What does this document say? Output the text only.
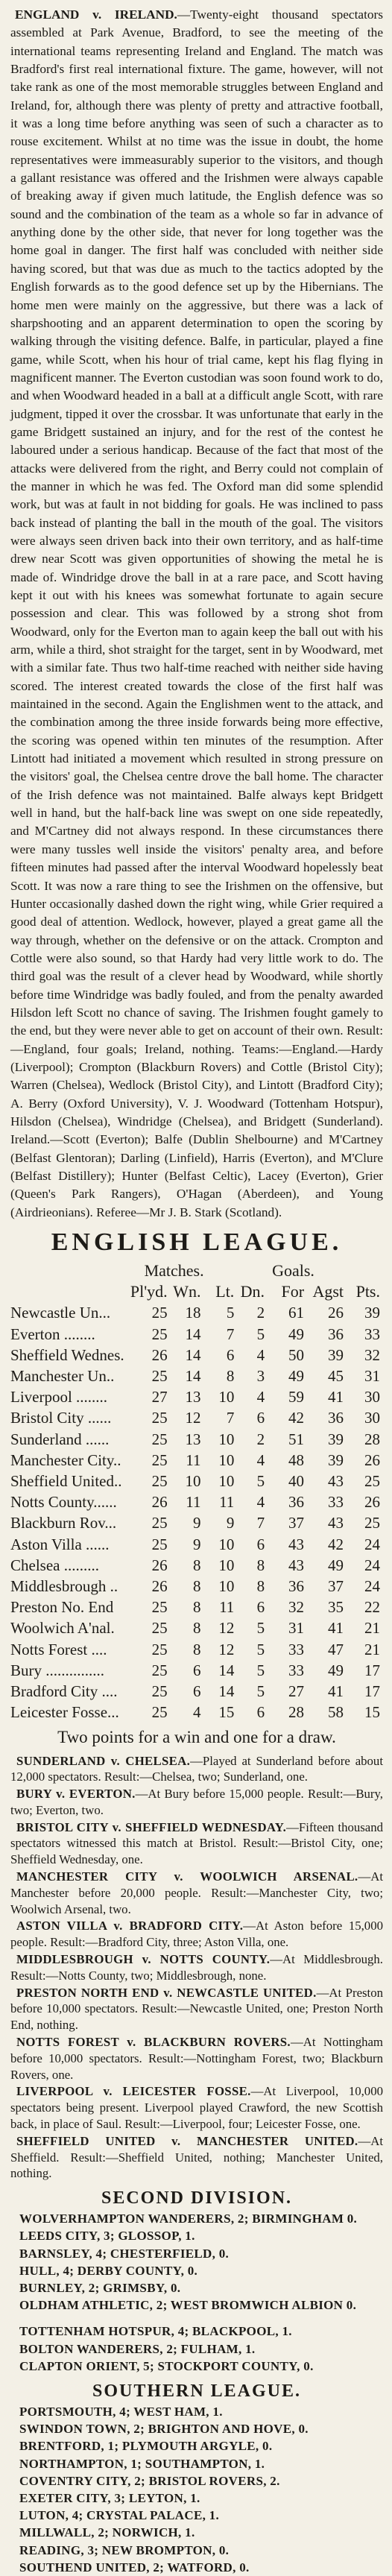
ENGLAND v. IRELAND.—Twenty-eight thousand spectators assembled at Park Avenue, Bradford, to see the meeting of the international teams representing Ireland and England. The match was Bradford's first real international fixture. The game, however, will not take rank as one of the most memorable struggles between England and Ireland, for, although there was plenty of pretty and attractive football, it was a long time before anything was seen of such a character as to rouse excitement. Whilst at no time was the issue in doubt, the home representatives were immeasurably superior to the visitors, and though a gallant resistance was offered and the Irishmen were always capable of breaking away if given much latitude, the English defence was so sound and the combination of the team as a whole so far in advance of anything done by the other side, that never for long together was the home goal in danger. The first half was concluded with neither side having scored, but that was due as much to the tactics adopted by the English forwards as to the good defence set up by the Hibernians. The home men were mainly on the aggressive, but there was a lack of sharpshooting and an apparent determination to open the scoring by walking through the visiting defence. Balfe, in particular, played a fine game, while Scott, when his hour of trial came, kept his flag flying in magnificent manner. The Everton custodian was soon found work to do, and when Woodward headed in a ball at a difficult angle Scott, with rare judgment, tipped it over the crossbar. It was unfortunate that early in the game Bridgett sustained an injury, and for the rest of the contest he laboured under a serious handicap. Because of the fact that most of the attacks were delivered from the right, and Berry could not complain of the manner in which he was fed. The Oxford man did some splendid work, but was at fault in not bidding for goals. He was inclined to pass back instead of planting the ball in the mouth of the goal. The visitors were always seen driven back into their own territory, and as half-time drew near Scott was given opportunities of showing the metal he is made of. Windridge drove the ball in at a rare pace, and Scott having kept it out with his knees was somewhat fortunate to again secure possession and clear. This was followed by a strong shot from Woodward, only for the Everton man to again keep the ball out with his arm, while a third, shot straight for the target, sent in by Woodward, met with a similar fate. Thus two half-time reached with neither side having scored. The interest created towards the close of the first half was maintained in the second. Again the Englishmen went to the attack, and the combination among the three inside forwards being more effective, the scoring was opened within ten minutes of the resumption. After Lintott had initiated a movement which resulted in strong pressure on the visitors' goal, the Chelsea centre drove the ball home. The character of the Irish defence was not maintained. Balfe always kept Bridgett well in hand, but the half-back line was swept on one side repeatedly, and M'Cartney did not always respond. In these circumstances there were many tussles well inside the visitors' penalty area, and before fifteen minutes had passed after the interval Woodward hopelessly beat Scott. It was now a rare thing to see the Irishmen on the offensive, but Hunter occasionally dashed down the right wing, while Grier required a good deal of attention. Wedlock, however, played a great game all the way through, whether on the defensive or on the attack. Crompton and Cottle were also sound, so that Hardy had very little work to do. The third goal was the result of a clever head by Woodward, while shortly before time Windridge was badly fouled, and from the penalty awarded Hilsdon left Scott no chance of saving. The Irishmen fought gamely to the end, but they were never able to get on account of their own. Result:—England, four goals; Ireland, nothing. Teams:—England.—Hardy (Liverpool); Crompton (Blackburn Rovers) and Cottle (Bristol City); Warren (Chelsea), Wedlock (Bristol City), and Lintott (Bradford City); A. Berry (Oxford University), V. J. Woodward (Tottenham Hotspur), Hilsdon (Chelsea), Windridge (Chelsea), and Bridgett (Sunderland). Ireland.—Scott (Everton); Balfe (Dublin Shelbourne) and M'Cartney (Belfast Glentoran); Darling (Linfield), Harris (Everton), and M'Clure (Belfast Distillery); Hunter (Belfast Celtic), Lacey (Everton), Grier (Queen's Park Rangers), O'Hagan (Aberdeen), and Young (Airdrieonians). Referee—Mr J. B. Stark (Scotland).

ENGLISH LEAGUE.
	Matches.				Goals.		
	Pl'yd.	Wn.	Lt.	Dn.	For	Agst	Pts.
Newcastle Un...	25	18	5	2	61	26	39
Everton ........	25	14	7	5	49	36	33
Sheffield Wednes.	26	14	6	4	50	39	32
Manchester Un..	25	14	8	3	49	45	31
Liverpool ........	27	13	10	4	59	41	30
Bristol City ......	25	12	7	6	42	36	30
Sunderland ......	25	13	10	2	51	39	28
Manchester City..	25	11	10	4	48	39	26
Sheffield United..	25	10	10	5	40	43	25
Notts County......	26	11	11	4	36	33	26
Blackburn Rov...	25	9	9	7	37	43	25
Aston Villa ......	25	9	10	6	43	42	24
Chelsea .........	26	8	10	8	43	49	24
Middlesbrough ..	26	8	10	8	36	37	24
Preston No. End	25	8	11	6	32	35	22
Woolwich A'nal.	25	8	12	5	31	41	21
Notts Forest ....	25	8	12	5	33	47	21
Bury ...............	25	6	14	5	33	49	17
Bradford City ....	25	6	14	5	27	41	17
Leicester Fosse...	25	4	15	6	28	58	15
Two points for a win and one for a draw.

SUNDERLAND v. CHELSEA.—Played at Sunderland before about 12,000 spectators. Result:—Chelsea, two; Sunderland, one.

BURY v. EVERTON.—At Bury before 15,000 people. Result:—Bury, two; Everton, two.

BRISTOL CITY v. SHEFFIELD WEDNESDAY.—Fifteen thousand spectators witnessed this match at Bristol. Result:—Bristol City, one; Sheffield Wednesday, one.

MANCHESTER CITY v. WOOLWICH ARSENAL.—At Manchester before 20,000 people. Result:—Manchester City, two; Woolwich Arsenal, two.

ASTON VILLA v. BRADFORD CITY.—At Aston before 15,000 people. Result:—Bradford City, three; Aston Villa, one.

MIDDLESBROUGH v. NOTTS COUNTY.—At Middlesbrough. Result:—Notts County, two; Middlesbrough, none.

PRESTON NORTH END v. NEWCASTLE UNITED.—At Preston before 10,000 spectators. Result:—Newcastle United, one; Preston North End, nothing.

NOTTS FOREST v. BLACKBURN ROVERS.—At Nottingham before 10,000 spectators. Result:—Nottingham Forest, two; Blackburn Rovers, one.

LIVERPOOL v. LEICESTER FOSSE.—At Liverpool, 10,000 spectators being present. Liverpool played Crawford, the new Scottish back, in place of Saul. Result:—Liverpool, four; Leicester Fosse, one.

SHEFFIELD UNITED v. MANCHESTER UNITED.—At Sheffield. Result:—Sheffield United, nothing; Manchester United, nothing.

SECOND DIVISION.
WOLVERHAMPTON WANDERERS, 2; BIRMINGHAM 0.
LEEDS CITY, 3; GLOSSOP, 1.
BARNSLEY, 4; CHESTERFIELD, 0.
HULL, 4; DERBY COUNTY, 0.
BURNLEY, 2; GRIMSBY, 0.
OLDHAM ATHLETIC, 2; WEST BROMWICH ALBION 0.
TOTTENHAM HOTSPUR, 4; BLACKPOOL, 1.
BOLTON WANDERERS, 2; FULHAM, 1.
CLAPTON ORIENT, 5; STOCKPORT COUNTY, 0.
SOUTHERN LEAGUE.
PORTSMOUTH, 4; WEST HAM, 1.
SWINDON TOWN, 2; BRIGHTON AND HOVE, 0.
BRENTFORD, 1; PLYMOUTH ARGYLE, 0.
NORTHAMPTON, 1; SOUTHAMPTON, 1.
COVENTRY CITY, 2; BRISTOL ROVERS, 2.
EXETER CITY, 3; LEYTON, 1.
LUTON, 4; CRYSTAL PALACE, 1.
MILLWALL, 2; NORWICH, 1.
READING, 3; NEW BROMPTON, 0.
SOUTHEND UNITED, 2; WATFORD, 0.
